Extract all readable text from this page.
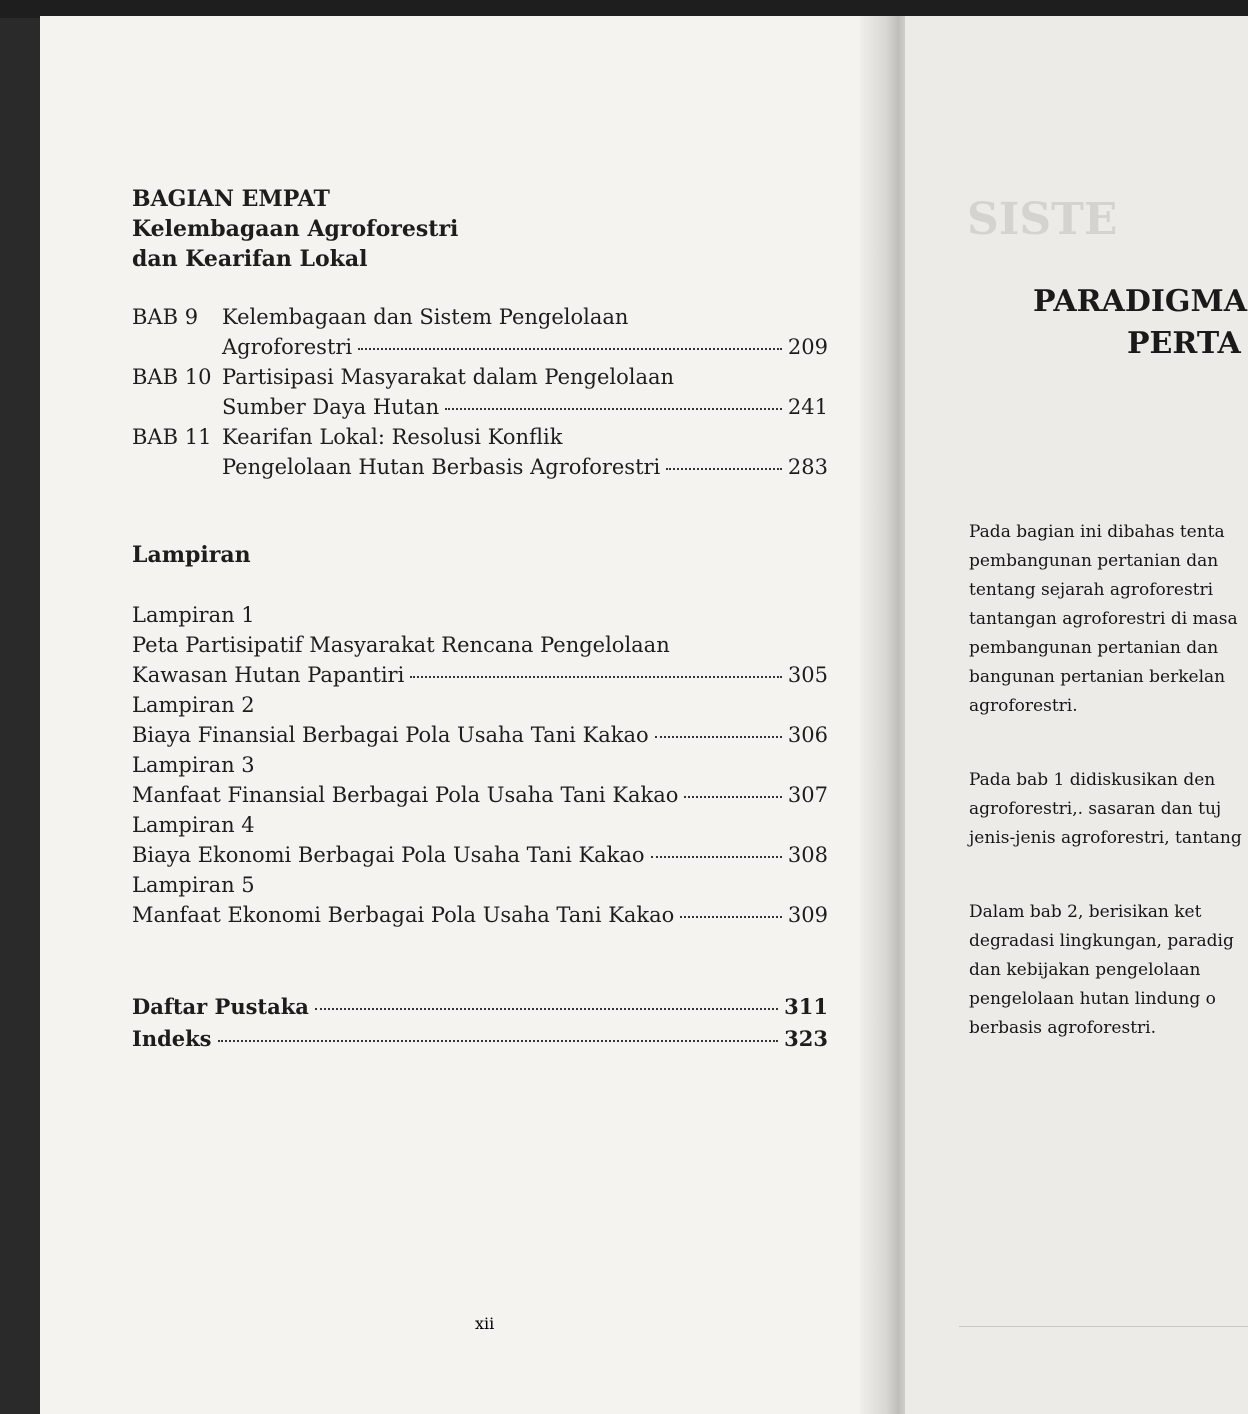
BAGIAN EMPAT
Kelembagaan Agroforestri
dan Kearifan Lokal
BAB 9 Kelembagaan dan Sistem Pengelolaan
Agroforestri	209
BAB 10 Partisipasi Masyarakat dalam Pengelolaan
Sumber Daya Hutan	241
BAB 11 Kearifan Lokal: Resolusi Konflik
Pengelolaan Hutan Berbasis Agroforestri	283
Lampiran
Lampiran 1
Peta Partisipatif Masyarakat Rencana Pengelolaan
Kawasan Hutan Papantiri	305
Lampiran 2
Biaya Finansial Berbagai Pola Usaha Tani Kakao	306
Lampiran 3
Manfaat Finansial Berbagai Pola Usaha Tani Kakao	307
Lampiran 4
Biaya Ekonomi Berbagai Pola Usaha Tani Kakao	308
Lampiran 5
Manfaat Ekonomi Berbagai Pola Usaha Tani Kakao	309
Daftar Pustaka	311
Indeks	323
xii
SISTE
PARADIGMA
PERTA
Pada bagian ini dibahas tenta
pembangunan pertanian dan
tentang sejarah agroforestri
tantangan agroforestri di masa
pembangunan pertanian dan
bangunan pertanian berkelan
agroforestri.
Pada bab 1 didiskusikan den
agroforestri,. sasaran dan tuj
jenis-jenis agroforestri, tantang
Dalam bab 2, berisikan ket
degradasi lingkungan, paradig
dan kebijakan pengelolaan
pengelolaan hutan lindung o
berbasis agroforestri.
